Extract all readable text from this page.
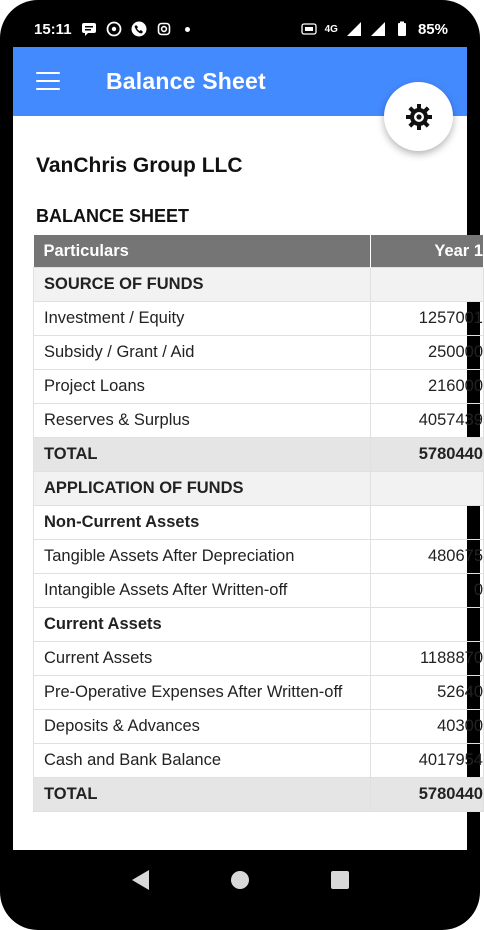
15:11	4G	85%
Balance Sheet
VanChris Group LLC
BALANCE SHEET
Particulars	Year 1
SOURCE OF FUNDS	
Investment / Equity	1257001
Subsidy / Grant / Aid	250000
Project Loans	216000
Reserves & Surplus	4057439
TOTAL	5780440
APPLICATION OF FUNDS	
Non-Current Assets	
Tangible Assets After Depreciation	480675
Intangible Assets After Written-off	0
Current Assets	
Current Assets	1188870
Pre-Operative Expenses After Written-off	52640
Deposits & Advances	40300
Cash and Bank Balance	4017954
TOTAL	5780440
